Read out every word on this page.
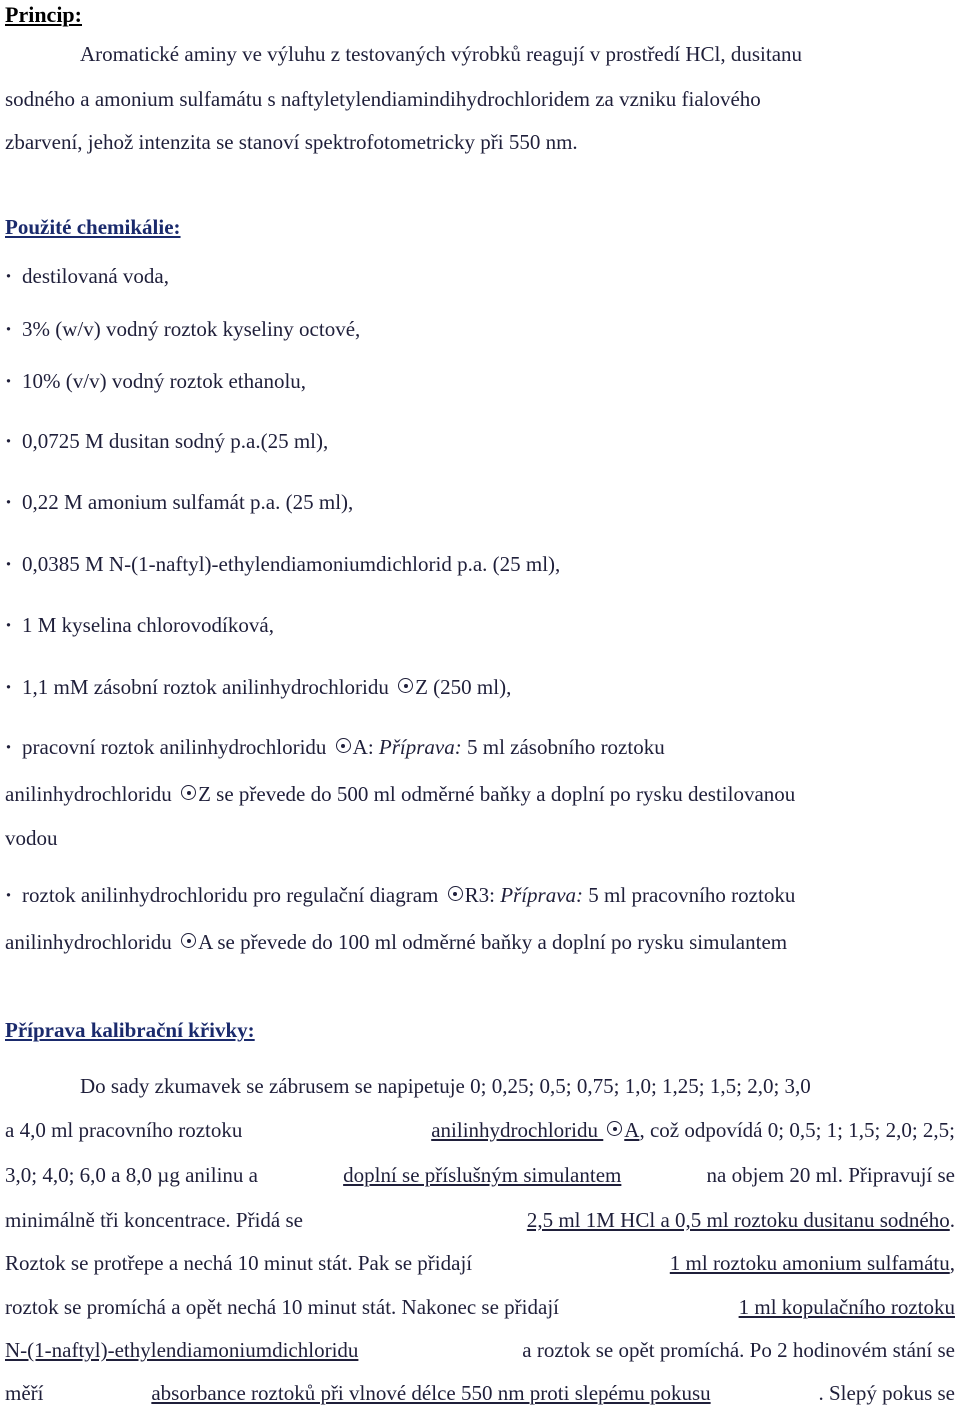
Princip:
Aromatické aminy ve výluhu z testovaných výrobků reagují v prostředí HCl, dusitanu
sodného a amonium sulfamátu s naftyletylendiamindihydrochloridem za vzniku fialového
zbarvení, jehož intenzita se stanoví spektrofotometricky při 550 nm.
Použité chemikálie:
· destilovaná voda,
· 3% (w/v) vodný roztok kyseliny octové,
· 10% (v/v) vodný roztok ethanolu,
· 0,0725 M dusitan sodný p.a.(25 ml),
· 0,22 M amonium sulfamát p.a. (25 ml),
· 0,0385 M N-(1-naftyl)-ethylendiamoniumdichlorid p.a. (25 ml),
· 1 M kyselina chlorovodíková,
· 1,1 mM zásobní roztok anilinhydrochloridu Z (250 ml),
· pracovní roztok anilinhydrochloridu A: Příprava: 5 ml zásobního roztoku
anilinhydrochloridu Z se převede do 500 ml odměrné baňky a doplní po rysku destilovanou
vodou
· roztok anilinhydrochloridu pro regulační diagram R3: Příprava: 5 ml pracovního roztoku
anilinhydrochloridu A se převede do 100 ml odměrné baňky a doplní po rysku simulantem
Příprava kalibrační křivky:
Do sady zkumavek se zábrusem se napipetuje 0; 0,25; 0,5; 0,75; 1,0; 1,25; 1,5; 2,0; 3,0
a 4,0 ml pracovního roztoku	anilinhydrochloridu A, což odpovídá 0; 0,5; 1; 1,5; 2,0; 2,5;
3,0; 4,0; 6,0 a 8,0 µg anilinu a	doplní se příslušným simulantem	na objem 20 ml. Připravují se
minimálně tři koncentrace. Přidá se	2,5 ml 1M HCl a 0,5 ml roztoku dusitanu sodného.
Roztok se protřepe a nechá 10 minut stát. Pak se přidají	1 ml roztoku amonium sulfamátu,
roztok se promíchá a opět nechá 10 minut stát. Nakonec se přidají	1 ml kopulačního roztoku
N-(1-naftyl)-ethylendiamoniumdichloridu	a roztok se opět promíchá. Po 2 hodinovém stání se
měří	absorbance roztoků při vlnové délce 550 nm proti slepému pokusu	. Slepý pokus se
